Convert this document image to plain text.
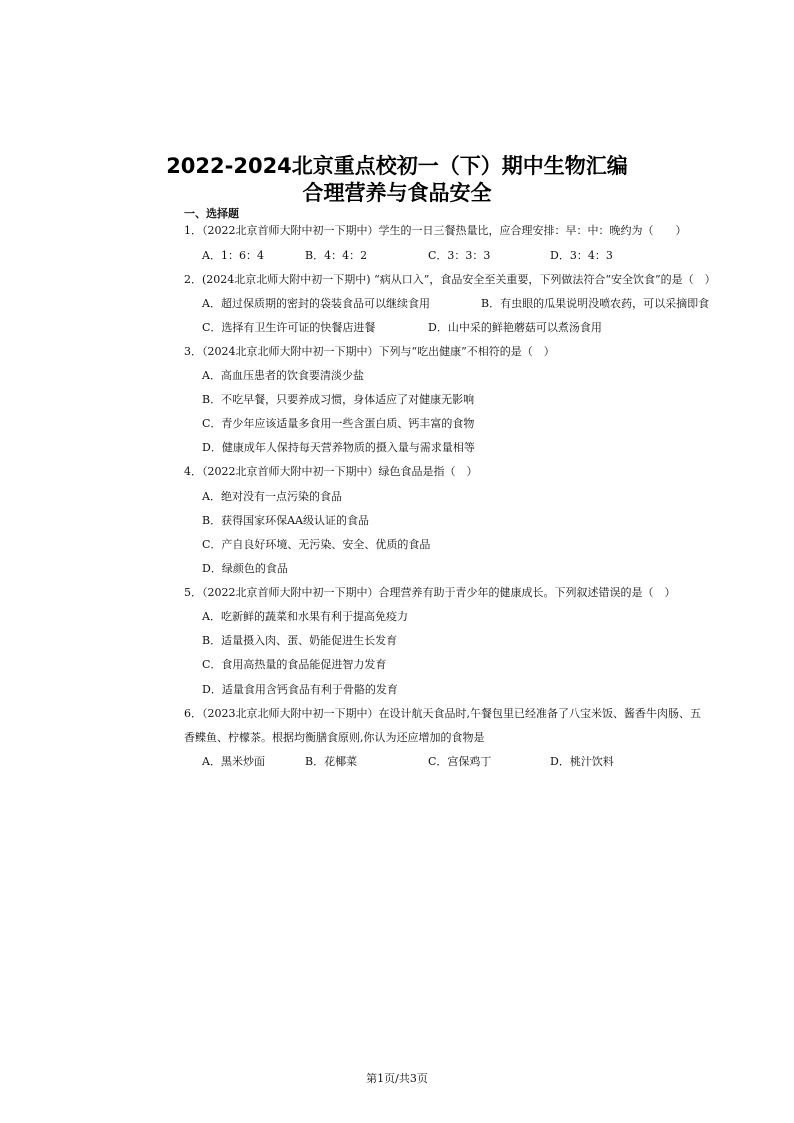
2022-2024北京重点校初一（下）期中生物汇编
合理营养与食品安全
一、选择题
1．（2022北京首师大附中初一下期中）学生的一日三餐热量比，应合理安排：早：中：晚约为（　　）
A．1：6：4	B．4：4：2	C．3：3：3	D．3：4：3
2．(2024北京北师大附中初一下期中) “病从口入”，食品安全至关重要，下列做法符合“安全饮食”的是（　）
A．超过保质期的密封的袋装食品可以继续食用	B．有虫眼的瓜果说明没喷农药，可以采摘即食
C．选择有卫生许可证的快餐店进餐	D．山中采的鲜艳蘑菇可以煮汤食用
3．（2024北京北师大附中初一下期中）下列与“吃出健康”不相符的是（　）
A．高血压患者的饮食要清淡少盐
B．不吃早餐，只要养成习惯，身体适应了对健康无影响
C．青少年应该适量多食用一些含蛋白质、钙丰富的食物
D．健康成年人保持每天营养物质的摄入量与需求量相等
4．（2022北京首师大附中初一下期中）绿色食品是指（　）
A．绝对没有一点污染的食品
B．获得国家环保AA级认证的食品
C．产自良好环境、无污染、安全、优质的食品
D．绿颜色的食品
5．（2022北京首师大附中初一下期中）合理营养有助于青少年的健康成长。下列叙述错误的是（　）
A．吃新鲜的蔬菜和水果有利于提高免疫力
B．适量摄入肉、蛋、奶能促进生长发育
C．食用高热量的食品能促进智力发育
D．适量食用含钙食品有利于骨骼的发育
6．（2023北京北师大附中初一下期中）在设计航天食品时,午餐包里已经准备了八宝米饭、酱香牛肉肠、五
香鲽鱼、柠檬茶。根据均衡膳食原则,你认为还应增加的食物是
A．黑米炒面	B．花椰菜	C．宫保鸡丁	D．桃汁饮料
第1页/共3页
